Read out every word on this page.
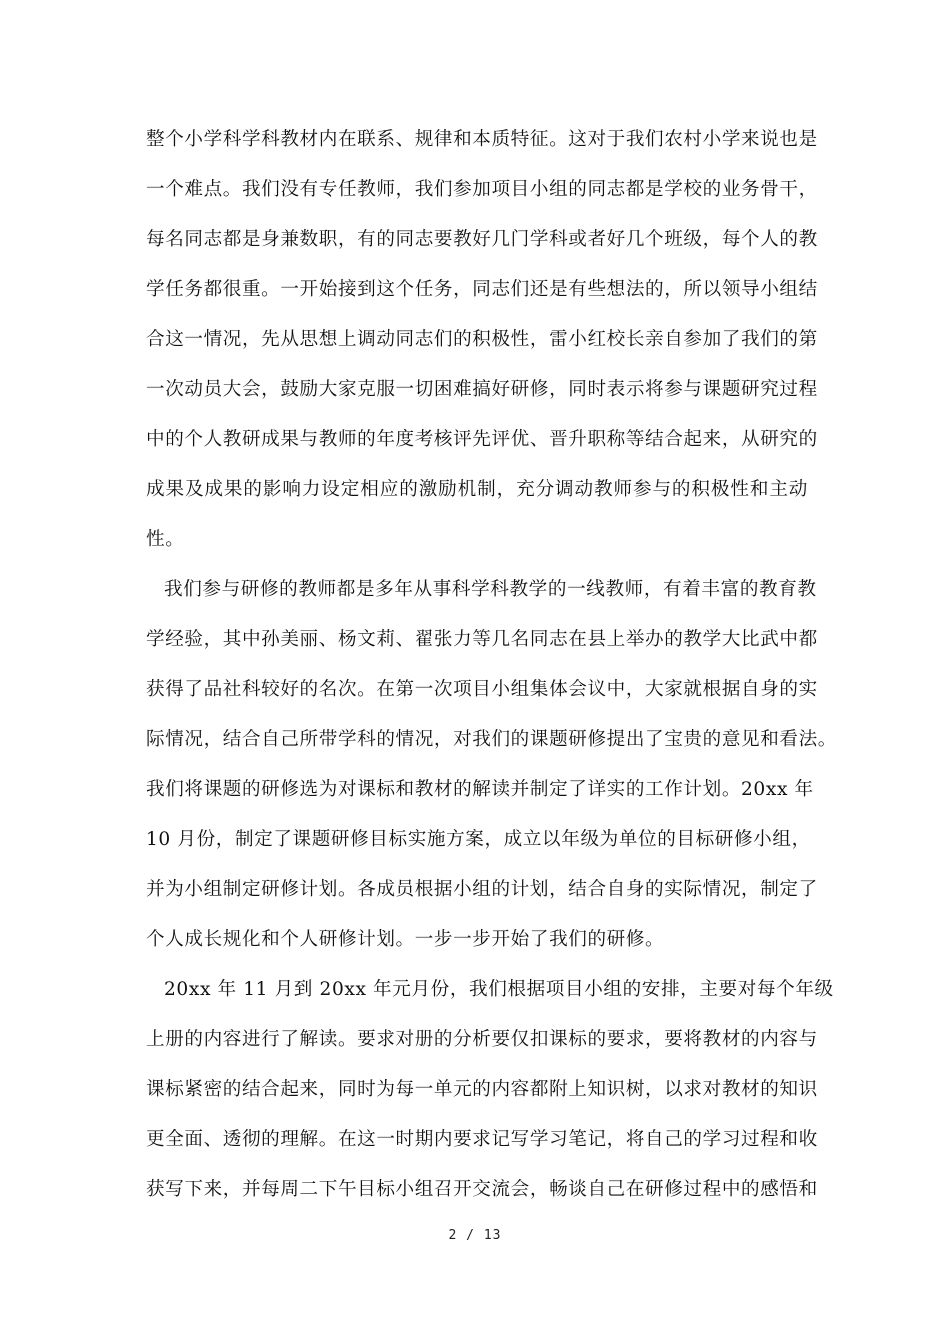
整个小学科学科教材内在联系、规律和本质特征。这对于我们农村小学来说也是
一个难点。我们没有专任教师，我们参加项目小组的同志都是学校的业务骨干，
每名同志都是身兼数职，有的同志要教好几门学科或者好几个班级，每个人的教
学任务都很重。一开始接到这个任务，同志们还是有些想法的，所以领导小组结
合这一情况，先从思想上调动同志们的积极性，雷小红校长亲自参加了我们的第
一次动员大会，鼓励大家克服一切困难搞好研修，同时表示将参与课题研究过程
中的个人教研成果与教师的年度考核评先评优、晋升职称等结合起来，从研究的
成果及成果的影响力设定相应的激励机制，充分调动教师参与的积极性和主动
性。
我们参与研修的教师都是多年从事科学科教学的一线教师，有着丰富的教育教
学经验，其中孙美丽、杨文莉、翟张力等几名同志在县上举办的教学大比武中都
获得了品社科较好的名次。在第一次项目小组集体会议中，大家就根据自身的实
际情况，结合自己所带学科的情况，对我们的课题研修提出了宝贵的意见和看法。
我们将课题的研修选为对课标和教材的解读并制定了详实的工作计划。20xx 年
10 月份，制定了课题研修目标实施方案，成立以年级为单位的目标研修小组，
并为小组制定研修计划。各成员根据小组的计划，结合自身的实际情况，制定了
个人成长规化和个人研修计划。一步一步开始了我们的研修。
20xx 年 11 月到 20xx 年元月份，我们根据项目小组的安排，主要对每个年级
上册的内容进行了解读。要求对册的分析要仅扣课标的要求，要将教材的内容与
课标紧密的结合起来，同时为每一单元的内容都附上知识树，以求对教材的知识
更全面、透彻的理解。在这一时期内要求记写学习笔记，将自己的学习过程和收
获写下来，并每周二下午目标小组召开交流会，畅谈自己在研修过程中的感悟和
2 / 13
